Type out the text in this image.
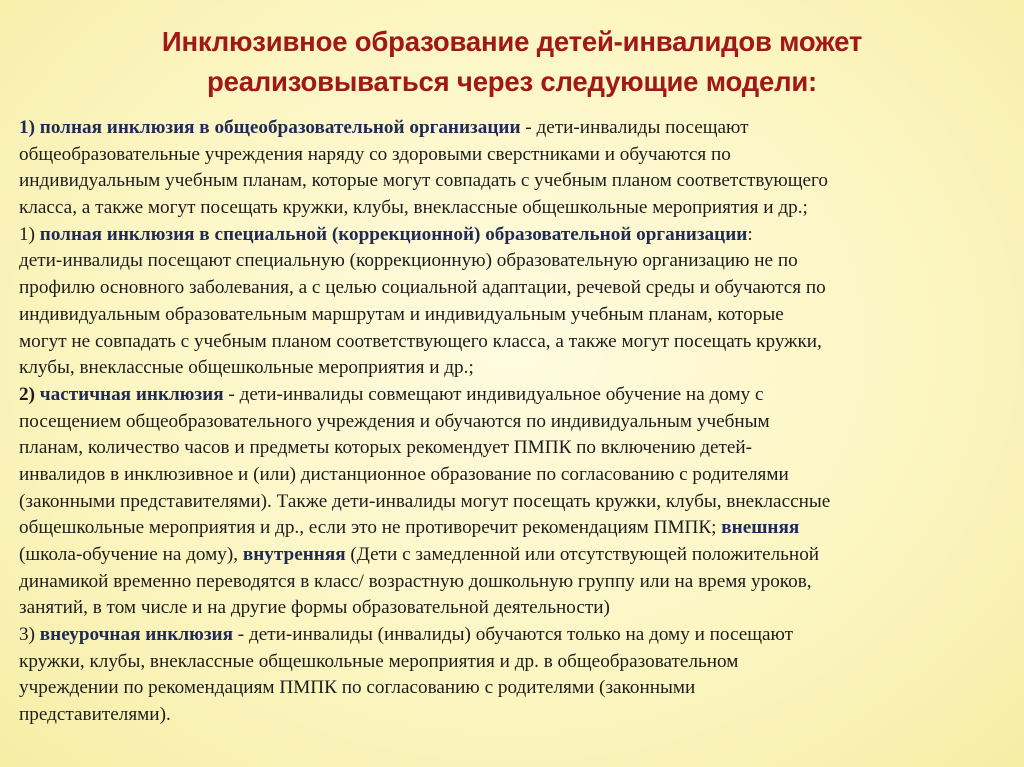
Инклюзивное образование детей-инвалидов может
реализовываться через следующие модели:
1) полная инклюзия в общеобразовательной организации - дети-инвалиды посещают
общеобразовательные учреждения наряду со здоровыми сверстниками и обучаются по
индивидуальным учебным планам, которые могут совпадать с учебным планом соответствующего
класса, а также могут посещать кружки, клубы, внеклассные общешкольные мероприятия и др.;
1) полная инклюзия в специальной (коррекционной) образовательной организации:
дети-инвалиды посещают специальную (коррекционную) образовательную организацию не по
профилю основного заболевания, а с целью социальной адаптации, речевой среды и обучаются по
индивидуальным образовательным маршрутам и индивидуальным учебным планам, которые
могут не совпадать с учебным планом соответствующего класса, а также могут посещать кружки,
клубы, внеклассные общешкольные мероприятия и др.;
2) частичная инклюзия - дети-инвалиды совмещают индивидуальное обучение на дому с
посещением общеобразовательного учреждения и обучаются по индивидуальным учебным
планам, количество часов и предметы которых рекомендует ПМПК по включению детей-
инвалидов в инклюзивное и (или) дистанционное образование по согласованию с родителями
(законными представителями). Также дети-инвалиды могут посещать кружки, клубы, внеклассные
общешкольные мероприятия и др., если это не противоречит рекомендациям ПМПК; внешняя
(школа-обучение на дому), внутренняя (Дети с замедленной или отсутствующей положительной
динамикой временно переводятся в класс/ возрастную дошкольную группу или на время уроков,
занятий, в том числе и на другие формы образовательной деятельности)
3) внеурочная инклюзия - дети-инвалиды (инвалиды) обучаются только на дому и посещают
кружки, клубы, внеклассные общешкольные мероприятия и др. в общеобразовательном
учреждении по рекомендациям ПМПК по согласованию с родителями (законными
представителями).
